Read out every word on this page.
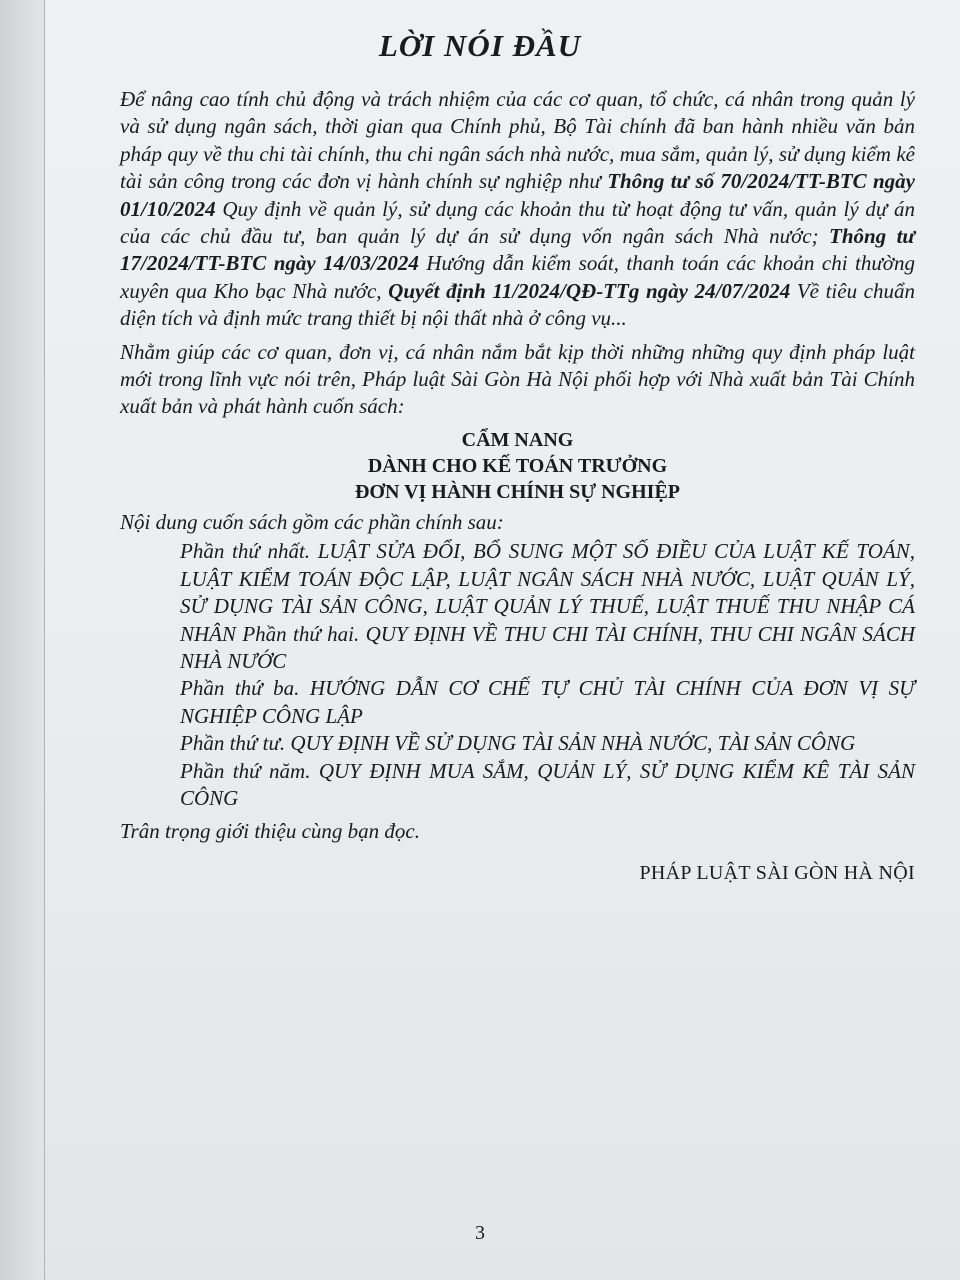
LỜI NÓI ĐẦU

Để nâng cao tính chủ động và trách nhiệm của các cơ quan, tổ chức, cá nhân trong quản lý và sử dụng ngân sách, thời gian qua Chính phủ, Bộ Tài chính đã ban hành nhiều văn bản pháp quy về thu chi tài chính, thu chi ngân sách nhà nước, mua sắm, quản lý, sử dụng kiểm kê tài sản công trong các đơn vị hành chính sự nghiệp như Thông tư số 70/2024/TT-BTC ngày 01/10/2024 Quy định về quản lý, sử dụng các khoản thu từ hoạt động tư vấn, quản lý dự án của các chủ đầu tư, ban quản lý dự án sử dụng vốn ngân sách Nhà nước; Thông tư 17/2024/TT-BTC ngày 14/03/2024 Hướng dẫn kiểm soát, thanh toán các khoản chi thường xuyên qua Kho bạc Nhà nước, Quyết định 11/2024/QĐ-TTg ngày 24/07/2024 Về tiêu chuẩn diện tích và định mức trang thiết bị nội thất nhà ở công vụ...

Nhằm giúp các cơ quan, đơn vị, cá nhân nắm bắt kịp thời những những quy định pháp luật mới trong lĩnh vực nói trên, Pháp luật Sài Gòn Hà Nội phối hợp với Nhà xuất bản Tài Chính xuất bản và phát hành cuốn sách:

CẨM NANG
DÀNH CHO KẾ TOÁN TRƯỞNG
ĐƠN VỊ HÀNH CHÍNH SỰ NGHIỆP

Nội dung cuốn sách gồm các phần chính sau:

Phần thứ nhất. LUẬT SỬA ĐỔI, BỔ SUNG MỘT SỐ ĐIỀU CỦA LUẬT KẾ TOÁN, LUẬT KIỂM TOÁN ĐỘC LẬP, LUẬT NGÂN SÁCH NHÀ NƯỚC, LUẬT QUẢN LÝ, SỬ DỤNG TÀI SẢN CÔNG, LUẬT QUẢN LÝ THUẾ, LUẬT THUẾ THU NHẬP CÁ NHÂN Phần thứ hai. QUY ĐỊNH VỀ THU CHI TÀI CHÍNH, THU CHI NGÂN SÁCH NHÀ NƯỚC

Phần thứ ba. HƯỚNG DẪN CƠ CHẾ TỰ CHỦ TÀI CHÍNH CỦA ĐƠN VỊ SỰ NGHIỆP CÔNG LẬP

Phần thứ tư. QUY ĐỊNH VỀ SỬ DỤNG TÀI SẢN NHÀ NƯỚC, TÀI SẢN CÔNG

Phần thứ năm. QUY ĐỊNH MUA SẮM, QUẢN LÝ, SỬ DỤNG KIỂM KÊ TÀI SẢN CÔNG

Trân trọng giới thiệu cùng bạn đọc.

PHÁP LUẬT SÀI GÒN HÀ NỘI
3
